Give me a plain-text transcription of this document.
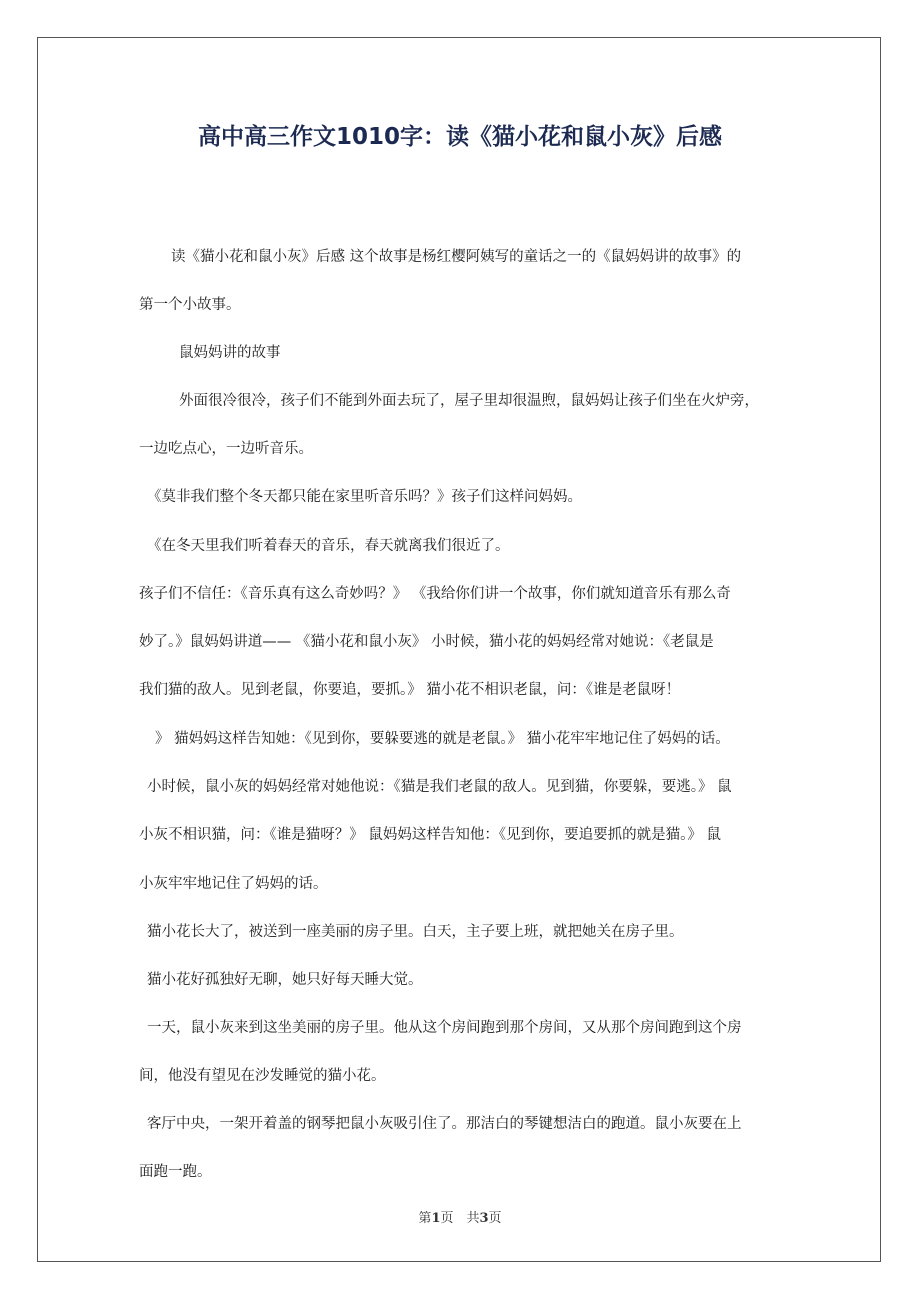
高中高三作文1010字：读《猫小花和鼠小灰》后感
读《猫小花和鼠小灰》后感 这个故事是杨红樱阿姨写的童话之一的《鼠妈妈讲的故事》的
第一个小故事。
鼠妈妈讲的故事
外面很冷很冷，孩子们不能到外面去玩了，屋子里却很温煦，鼠妈妈让孩子们坐在火炉旁，
一边吃点心，一边听音乐。
《莫非我们整个冬天都只能在家里听音乐吗？》孩子们这样问妈妈。
《在冬天里我们听着春天的音乐，春天就离我们很近了。
孩子们不信任：《音乐真有这么奇妙吗？》 《我给你们讲一个故事，你们就知道音乐有那么奇
妙了。》鼠妈妈讲道—— 《猫小花和鼠小灰》 小时候，猫小花的妈妈经常对她说：《老鼠是
我们猫的敌人。见到老鼠，你要追，要抓。》 猫小花不相识老鼠，问：《谁是老鼠呀！
》 猫妈妈这样告知她：《见到你，要躲要逃的就是老鼠。》 猫小花牢牢地记住了妈妈的话。
小时候，鼠小灰的妈妈经常对她他说：《猫是我们老鼠的敌人。见到猫，你要躲，要逃。》 鼠
小灰不相识猫，问：《谁是猫呀？》 鼠妈妈这样告知他：《见到你，要追要抓的就是猫。》 鼠
小灰牢牢地记住了妈妈的话。
猫小花长大了，被送到一座美丽的房子里。白天，主子要上班，就把她关在房子里。
猫小花好孤独好无聊，她只好每天睡大觉。
一天，鼠小灰来到这坐美丽的房子里。他从这个房间跑到那个房间，又从那个房间跑到这个房
间，他没有望见在沙发睡觉的猫小花。
客厅中央，一架开着盖的钢琴把鼠小灰吸引住了。那洁白的琴键想洁白的跑道。鼠小灰要在上
面跑一跑。
第1页　共3页
